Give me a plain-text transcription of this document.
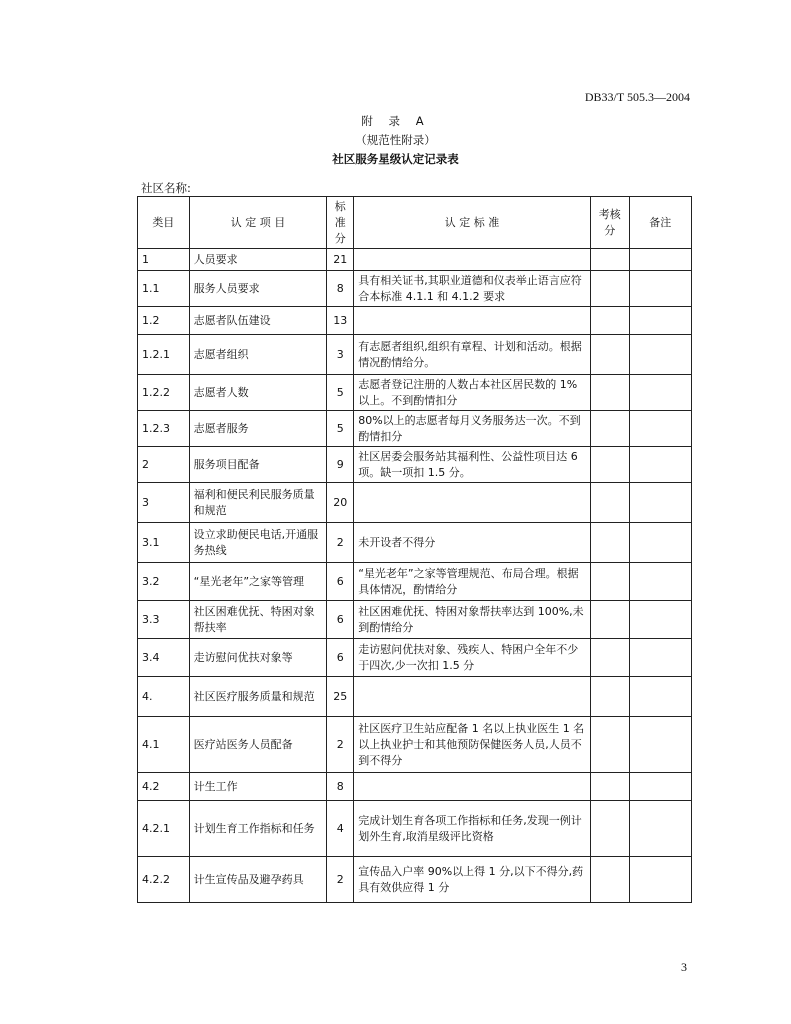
DB33/T 505.3—2004
附 录 A
（规范性附录）
社区服务星级认定记录表
社区名称:
类目	认 定 项 目	标准分	认 定 标 准	考核分	备注
1	人员要求	21			
1.1	服务人员要求	8	具有相关证书,其职业道德和仪表举止语言应符合本标准 4.1.1 和 4.1.2 要求		
1.2	志愿者队伍建设	13			
1.2.1	志愿者组织	3	有志愿者组织,组织有章程、计划和活动。根据情况酌情给分。		
1.2.2	志愿者人数	5	志愿者登记注册的人数占本社区居民数的 1%以上。不到酌情扣分		
1.2.3	志愿者服务	5	80%以上的志愿者每月义务服务达一次。不到酌情扣分		
2	服务项目配备	9	社区居委会服务站其福利性、公益性项目达 6 项。缺一项扣 1.5 分。		
3	福利和便民利民服务质量和规范	20			
3.1	设立求助便民电话,开通服务热线	2	未开设者不得分		
3.2	“星光老年”之家等管理	6	“星光老年”之家等管理规范、布局合理。根据具体情况，酌情给分		
3.3	社区困难优抚、特困对象帮扶率	6	社区困难优抚、特困对象帮扶率达到 100%,未到酌情给分		
3.4	走访慰问优扶对象等	6	走访慰问优扶对象、残疾人、特困户全年不少于四次,少一次扣 1.5 分		
4.	社区医疗服务质量和规范	25			
4.1	医疗站医务人员配备	2	社区医疗卫生站应配备 1 名以上执业医生 1 名以上执业护士和其他预防保健医务人员,人员不到不得分		
4.2	计生工作	8			
4.2.1	计划生育工作指标和任务	4	完成计划生育各项工作指标和任务,发现一例计划外生育,取消星级评比资格		
4.2.2	计生宣传品及避孕药具	2	宣传品入户率 90%以上得 1 分,以下不得分,药具有效供应得 1 分		
3
